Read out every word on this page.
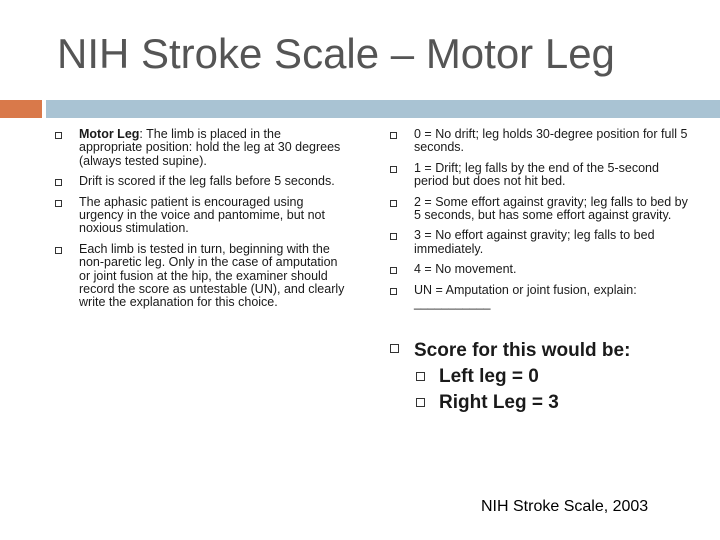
NIH Stroke Scale – Motor Leg
Motor Leg: The limb is placed in the appropriate position: hold the leg at 30 degrees (always tested supine).
Drift is scored if the leg falls before 5 seconds.
The aphasic patient is encouraged using urgency in the voice and pantomime, but not noxious stimulation.
Each limb is tested in turn, beginning with the non-paretic leg. Only in the case of amputation or joint fusion at the hip, the examiner should record the score as untestable (UN), and clearly write the explanation for this choice.
0 = No drift; leg holds 30-degree position for full 5 seconds.
1 = Drift; leg falls by the end of the 5-second period but does not hit bed.
2 = Some effort against gravity; leg falls to bed by 5 seconds, but has some effort against gravity.
3 = No effort against gravity; leg falls to bed immediately.
4 = No movement.
UN = Amputation or joint fusion, explain: ___________
Score for this would be:
Left leg = 0
Right Leg = 3
NIH Stroke Scale, 2003
